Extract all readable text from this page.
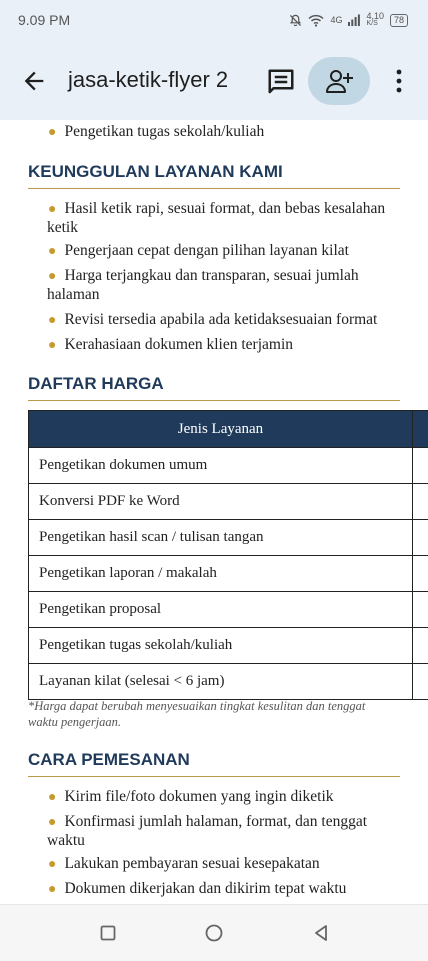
9.09 PM	4G	4,10
K/S	78
jasa-ketik-flyer 2
● Pengetikan tugas sekolah/kuliah
KEUNGGULAN LAYANAN KAMI
● Hasil ketik rapi, sesuai format, dan bebas kesalahan ketik
● Pengerjaan cepat dengan pilihan layanan kilat
● Harga terjangkau dan transparan, sesuai jumlah halaman
● Revisi tersedia apabila ada ketidaksesuaian format
● Kerahasiaan dokumen klien terjamin
DAFTAR HARGA
Jenis Layanan	
Pengetikan dokumen umum	
Konversi PDF ke Word	
Pengetikan hasil scan / tulisan tangan	
Pengetikan laporan / makalah	
Pengetikan proposal	
Pengetikan tugas sekolah/kuliah	
Layanan kilat (selesai < 6 jam)	
*Harga dapat berubah menyesuaikan tingkat kesulitan dan tenggat waktu pengerjaan.
CARA PEMESANAN
● Kirim file/foto dokumen yang ingin diketik
● Konfirmasi jumlah halaman, format, dan tenggat waktu
● Lakukan pembayaran sesuai kesepakatan
● Dokumen dikerjakan dan dikirim tepat waktu
